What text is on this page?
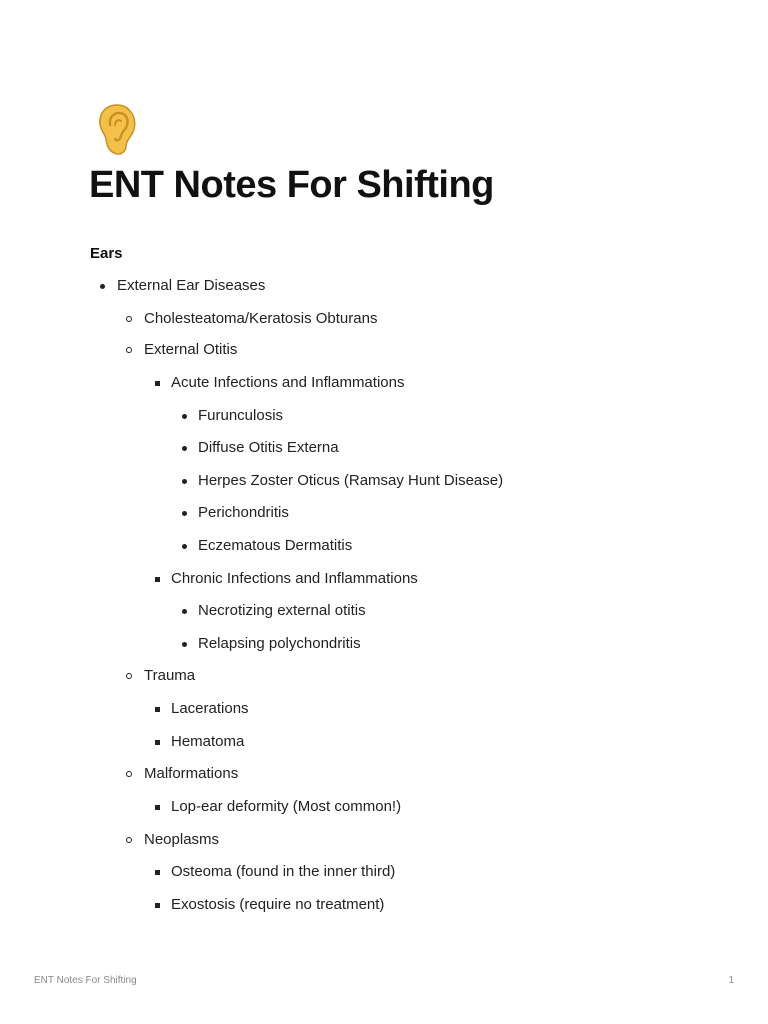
ENT Notes For Shifting
Ears
External Ear Diseases
Cholesteatoma/Keratosis Obturans
External Otitis
Acute Infections and Inflammations
Furunculosis
Diffuse Otitis Externa
Herpes Zoster Oticus (Ramsay Hunt Disease)
Perichondritis
Eczematous Dermatitis
Chronic Infections and Inflammations
Necrotizing external otitis
Relapsing polychondritis
Trauma
Lacerations
Hematoma
Malformations
Lop-ear deformity (Most common!)
Neoplasms
Osteoma (found in the inner third)
Exostosis (require no treatment)
ENT Notes For Shifting	1
